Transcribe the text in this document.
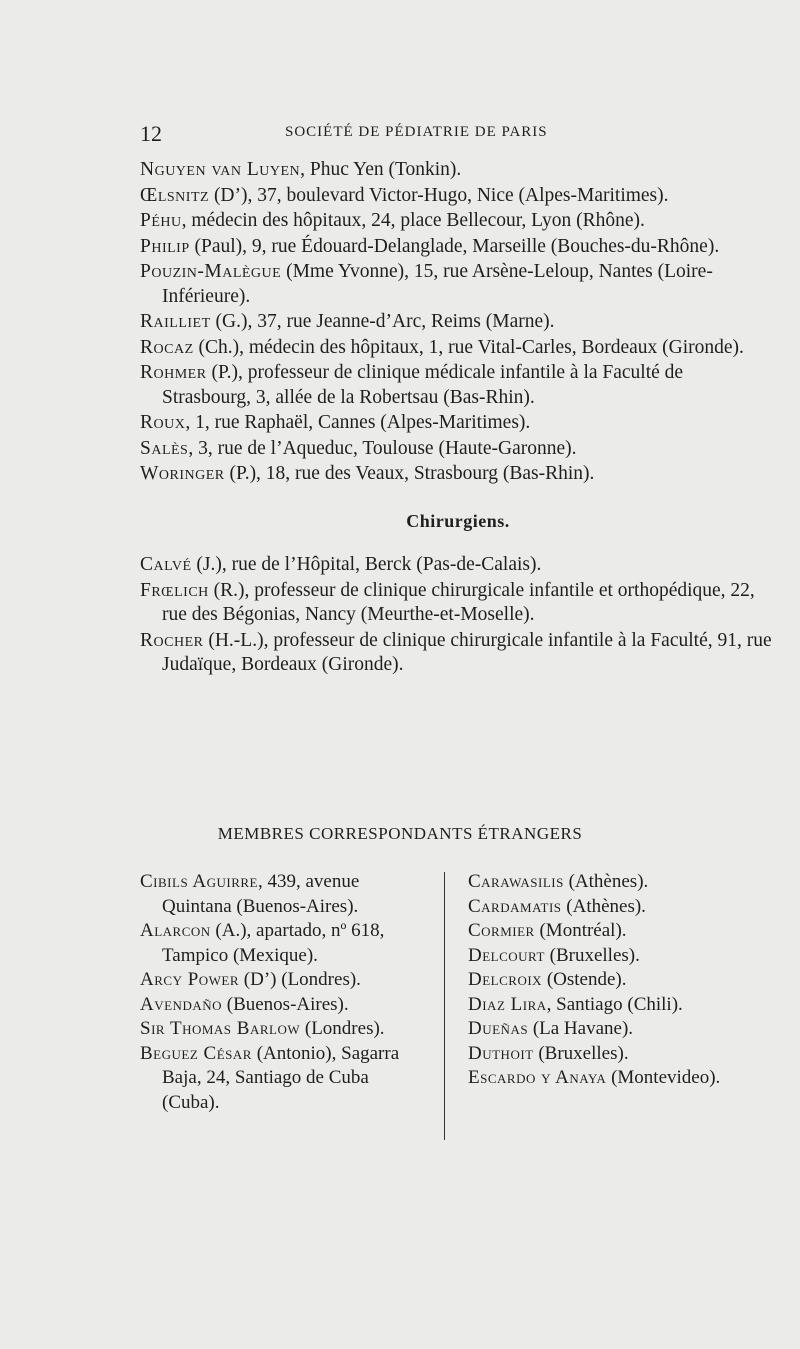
12	SOCIÉTÉ DE PÉDIATRIE DE PARIS

Nguyen van Luyen, Phuc Yen (Tonkin).

Œlsnitz (D’), 37, boulevard Victor-Hugo, Nice (Alpes-Maritimes).

Péhu, médecin des hôpitaux, 24, place Bellecour, Lyon (Rhône).

Philip (Paul), 9, rue Édouard-Delanglade, Marseille (Bouches-du-Rhône).

Pouzin-Malègue (Mme Yvonne), 15, rue Arsène-Leloup, Nantes (Loire-Inférieure).

Railliet (G.), 37, rue Jeanne-d’Arc, Reims (Marne).

Rocaz (Ch.), médecin des hôpitaux, 1, rue Vital-Carles, Bordeaux (Gironde).

Rohmer (P.), professeur de clinique médicale infantile à la Faculté de Strasbourg, 3, allée de la Robertsau (Bas-Rhin).

Roux, 1, rue Raphaël, Cannes (Alpes-Maritimes).

Salès, 3, rue de l’Aqueduc, Toulouse (Haute-Garonne).

Woringer (P.), 18, rue des Veaux, Strasbourg (Bas-Rhin).

Chirurgiens.

Calvé (J.), rue de l’Hôpital, Berck (Pas-de-Calais).

Frœlich (R.), professeur de clinique chirurgicale infantile et orthopédique, 22, rue des Bégonias, Nancy (Meurthe-et-Moselle).

Rocher (H.-L.), professeur de clinique chirurgicale infantile à la Faculté, 91, rue Judaïque, Bordeaux (Gironde).

MEMBRES CORRESPONDANTS ÉTRANGERS

Cibils Aguirre, 439, avenue Quintana (Buenos-Aires).

Alarcon (A.), apartado, nº 618, Tampico (Mexique).

Arcy Power (D’) (Londres).

Avendaño (Buenos-Aires).

Sir Thomas Barlow (Londres).

Beguez César (Antonio), Sagarra Baja, 24, Santiago de Cuba (Cuba).

Carawasilis (Athènes).

Cardamatis (Athènes).

Cormier (Montréal).

Delcourt (Bruxelles).

Delcroix (Ostende).

Diaz Lira, Santiago (Chili).

Dueñas (La Havane).

Duthoit (Bruxelles).

Escardo y Anaya (Montevideo).
